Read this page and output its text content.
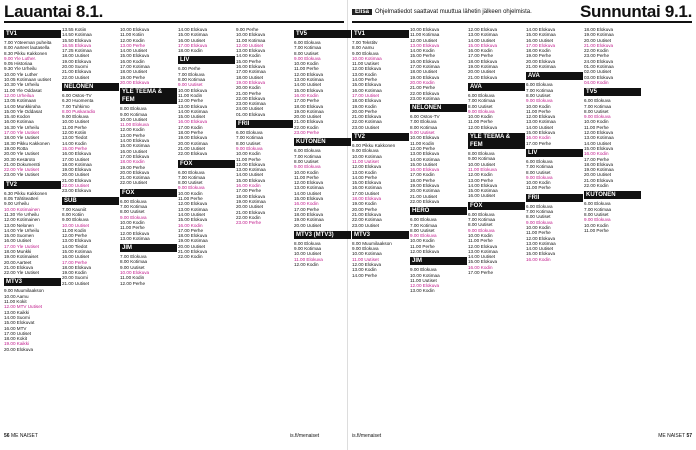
Lauantai 8.1.	Sunnuntai 9.1.
Elisa Ohjelmatiedot saattavat muuttua lähetin jälkeen ohjelmista.
TV1
7.00 Yöteeman puheita
8.00 Aarteet lautasella
8.30 Pikku Kakkonen
9.00 Yle Luther.
9.05 Historiaa
9.30 Yle Urheilu
10.00 Yle Luther
10.05 Kotimaan uutiset
10.30 Yle Urheilu
11.00 Yle Oddasat
12.00 Urheilua
13.05 Kotimaan
14.00 Munkkiraha
15.00 Yle Oddasat
15.40 Kodon
16.00 Kotimaa
16.30 Yle Urheilu
17.00 Yle Uutiset
18.00 Yle Uutiset
18.30 Pikku Kakkonen
19.00 Rotta
20.00 Yle Uutiset
20.30 Kesäroto
21.00 Dokumentti
22.00 Yle Uutiset
23.00 Yle Uutiset
TV2
6.30 Pikku Kakkonen
8.05 Tähtiteatteri
9.00 Urheilu
10.00 Kotimainen
11.30 Yle Urheilu
12.00 Kotimainen
13.00 Nelonen
14.00 Yle Urheilu
15.00 Suomen
16.00 Uutiset
17.00 Yle Uutiset
18.00 Munkki
19.00 Kotimaiset
20.00 Aarteet
21.00 Elokuva
22.00 Yle Uutiset
MTV3
9.00 Muumilaakson
10.00 Aamu
11.00 Kokit
12.00 MTV Uutiset
13.00 Kaikki
14.00 Suomi
15.00 Elokuvat
16.00 MTV
17.00 Uutiset
18.00 Kokit
19.00 Kaikki
20.00 Elokuva
13.55 Kotiin
14.50 Kotimaa
15.50 Elokuva
16.55 Elokuva
17.25 Kotimaa
18.00 Uutiset
19.00 Elokuva
20.00 Suomi
21.00 Elokuva
22.00 Uutiset
NELONEN
6.00 Ostos-TV
6.20 Huomenta
7.00 Tuhkimo
8.00 Puskaradio
9.00 Elokuva
10.00 Uutiset
11.00 Perhe
12.00 Kotiin
13.00 Tiedot
14.00 Kodin
15.00 Perhe
16.00 Elokuva
17.00 Uutiset
18.00 Kotimaa
19.00 Elokuva
20.00 Uutiset
21.00 Elokuva
22.00 Uutiset
23.00 Elokuva
SUB
7.00 Kauniit
8.00 Kotiin
9.00 Elokuva
10.00 Uutiset
11.00 Kodin
12.00 Perhe
13.00 Elokuva
14.00 Tiedot
15.00 Kotimaa
16.00 Uutiset
17.00 Perhe
18.00 Elokuva
19.00 Kodin
20.00 Suomi
21.00 Uutiset
10.00 Elokuva
11.00 Kotiin
12.00 Kodin
13.00 Perhe
14.00 Uutiset
15.00 Elokuva
16.00 Kodin
17.00 Kotimaa
18.00 Uutiset
19.00 Perhe
20.00 Elokuva
YLE TEEMA & FEM
8.00 Elokuva
9.00 Kotimaa
10.00 Uutiset
11.00 Elokuva
12.00 Kodin
13.00 Perhe
14.00 Elokuva
15.00 Kotimaa
16.00 Uutiset
17.00 Elokuva
18.00 Kodin
19.00 Perhe
20.00 Elokuva
21.00 Kotimaa
22.00 Uutiset
FOX
6.00 Elokuva
7.00 Kotimaa
8.00 Uutiset
9.00 Elokuva
10.00 Kodin
11.00 Perhe
12.00 Elokuva
13.00 Kotimaa
JIM
7.00 Elokuva
8.00 Kotimaa
9.00 Uutiset
10.00 Elokuva
11.00 Kodin
12.00 Perhe
14.00 Elokuva
15.00 Kotimaa
16.00 Uutiset
17.00 Elokuva
18.00 Kodin
LIV
6.00 Perhe
7.00 Elokuva
8.00 Kotimaa
9.00 Uutiset
10.00 Elokuva
11.00 Kodin
12.00 Perhe
13.00 Elokuva
14.00 Kotimaa
15.00 Uutiset
16.00 Elokuva
17.00 Kodin
18.00 Perhe
19.00 Elokuva
20.00 Kotimaa
21.00 Uutiset
22.00 Elokuva
FOX
6.00 Elokuva
7.00 Kotimaa
8.00 Uutiset
9.00 Elokuva
10.00 Kodin
11.00 Perhe
12.00 Elokuva
13.00 Kotimaa
14.00 Uutiset
15.00 Elokuva
16.00 Kodin
17.00 Perhe
18.00 Elokuva
19.00 Kotimaa
20.00 Uutiset
21.00 Elokuva
22.00 Kodin
9.00 Perhe
10.00 Elokuva
11.00 Kotimaa
12.00 Uutiset
13.00 Elokuva
14.00 Kodin
15.00 Perhe
16.00 Elokuva
17.00 Kotimaa
18.00 Uutiset
19.00 Elokuva
20.00 Kodin
21.00 Perhe
22.00 Elokuva
23.00 Kotimaa
24.00 Uutiset
01.00 Elokuva
FRII
6.00 Elokuva
7.00 Kotimaa
8.00 Uutiset
9.00 Elokuva
10.00 Kodin
11.00 Perhe
12.00 Elokuva
13.00 Kotimaa
14.00 Uutiset
15.00 Elokuva
16.00 Kodin
17.00 Perhe
18.00 Elokuva
19.00 Kotimaa
20.00 Uutiset
21.00 Elokuva
22.00 Kodin
23.00 Perhe
TV5
6.00 Elokuva
7.00 Kotimaa
8.00 Uutiset
9.00 Elokuva
10.00 Kodin
11.00 Perhe
12.00 Elokuva
13.00 Kotimaa
14.00 Uutiset
15.00 Elokuva
16.00 Kodin
17.00 Perhe
18.00 Elokuva
19.00 Kotimaa
20.00 Uutiset
21.00 Elokuva
22.00 Kodin
23.00 Perhe
KUTONEN
6.00 Elokuva
7.00 Kotimaa
8.00 Uutiset
9.00 Elokuva
10.00 Kodin
11.00 Perhe
12.00 Elokuva
13.00 Kotimaa
14.00 Uutiset
15.00 Elokuva
16.00 Kodin
17.00 Perhe
18.00 Elokuva
19.00 Kotimaa
20.00 Uutiset
MTV3 (MTV3)
8.00 Elokuva
9.00 Kotimaa
10.00 Uutiset
11.00 Elokuva
12.00 Kodin
TV1
7.00 Tekstitv
8.00 Aamu
9.00 Elokuva
10.00 Kotimaa
11.00 Uutiset
12.00 Elokuva
13.00 Kodin
14.00 Perhe
15.00 Elokuva
16.00 Kotimaa
17.00 Uutiset
18.00 Elokuva
19.00 Kodin
20.00 Perhe
21.00 Elokuva
22.00 Kotimaa
23.00 Uutiset
TV2
6.00 Pikku Kakkonen
9.00 Elokuva
10.00 Kotimaa
11.00 Uutiset
12.00 Elokuva
13.00 Kodin
14.00 Perhe
15.00 Elokuva
16.00 Kotimaa
17.00 Uutiset
18.00 Elokuva
19.00 Kodin
20.00 Perhe
21.00 Elokuva
22.00 Kotimaa
23.00 Uutiset
MTV3
8.00 Muumilaakson
9.00 Elokuva
10.00 Kotimaa
11.00 Uutiset
12.00 Elokuva
13.00 Kodin
14.00 Perhe
10.00 Elokuva
11.00 Kotimaa
12.00 Uutiset
13.00 Elokuva
14.00 Kodin
15.00 Perhe
16.00 Elokuva
17.00 Kotimaa
18.00 Uutiset
19.00 Elokuva
20.00 Kodin
21.00 Perhe
22.00 Elokuva
23.00 Kotimaa
NELONEN
6.00 Ostos-TV
7.00 Elokuva
8.00 Kotimaa
9.00 Uutiset
10.00 Elokuva
11.00 Kodin
12.00 Perhe
13.00 Elokuva
14.00 Kotimaa
15.00 Uutiset
16.00 Elokuva
17.00 Kodin
18.00 Perhe
19.00 Elokuva
20.00 Kotimaa
21.00 Uutiset
22.00 Elokuva
HERO
6.00 Elokuva
7.00 Kotimaa
8.00 Uutiset
9.00 Elokuva
10.00 Kodin
11.00 Perhe
12.00 Elokuva
JIM
9.00 Elokuva
10.00 Kotimaa
11.00 Uutiset
12.00 Elokuva
13.00 Kodin
12.00 Elokuva
13.00 Kotimaa
14.00 Uutiset
15.00 Elokuva
16.00 Kodin
17.00 Perhe
18.00 Elokuva
19.00 Kotimaa
20.00 Uutiset
21.00 Elokuva
AVA
6.00 Elokuva
7.00 Kotimaa
8.00 Uutiset
9.00 Elokuva
10.00 Kodin
11.00 Perhe
12.00 Elokuva
YLE TEEMA & FEM
8.00 Elokuva
9.00 Kotimaa
10.00 Uutiset
11.00 Elokuva
12.00 Kodin
13.00 Perhe
14.00 Elokuva
15.00 Kotimaa
16.00 Uutiset
FOX
6.00 Elokuva
7.00 Kotimaa
8.00 Uutiset
9.00 Elokuva
10.00 Kodin
11.00 Perhe
12.00 Elokuva
13.00 Kotimaa
14.00 Uutiset
15.00 Elokuva
16.00 Kodin
17.00 Perhe
14.00 Elokuva
15.00 Kotimaa
16.00 Uutiset
17.00 Elokuva
18.00 Kodin
19.00 Perhe
20.00 Elokuva
21.00 Kotimaa
AVA
6.00 Elokuva
7.00 Kotimaa
8.00 Uutiset
9.00 Elokuva
10.00 Kodin
11.00 Perhe
12.00 Elokuva
13.00 Kotimaa
14.00 Uutiset
15.00 Elokuva
16.00 Kodin
17.00 Perhe
LIV
6.00 Elokuva
7.00 Kotimaa
8.00 Uutiset
9.00 Elokuva
10.00 Kodin
11.00 Perhe
FRII
6.00 Elokuva
7.00 Kotimaa
8.00 Uutiset
9.00 Elokuva
10.00 Kodin
11.00 Perhe
12.00 Elokuva
13.00 Kotimaa
14.00 Uutiset
15.00 Elokuva
16.00 Kodin
18.00 Elokuva
19.00 Kotimaa
20.00 Uutiset
21.00 Elokuva
22.00 Kodin
23.00 Perhe
24.00 Elokuva
01.00 Kotimaa
02.00 Uutiset
03.00 Elokuva
04.00 Kodin
TV5
6.00 Elokuva
7.00 Kotimaa
8.00 Uutiset
9.00 Elokuva
10.00 Kodin
11.00 Perhe
12.00 Elokuva
13.00 Kotimaa
14.00 Uutiset
15.00 Elokuva
16.00 Kodin
17.00 Perhe
18.00 Elokuva
19.00 Kotimaa
20.00 Uutiset
21.00 Elokuva
22.00 Kodin
KUTONEN
6.00 Elokuva
7.00 Kotimaa
8.00 Uutiset
9.00 Elokuva
10.00 Kodin
11.00 Perhe
56 ME NAISET	is.fi/menaiset	is.fi/menaiset	ME NAISET 57
